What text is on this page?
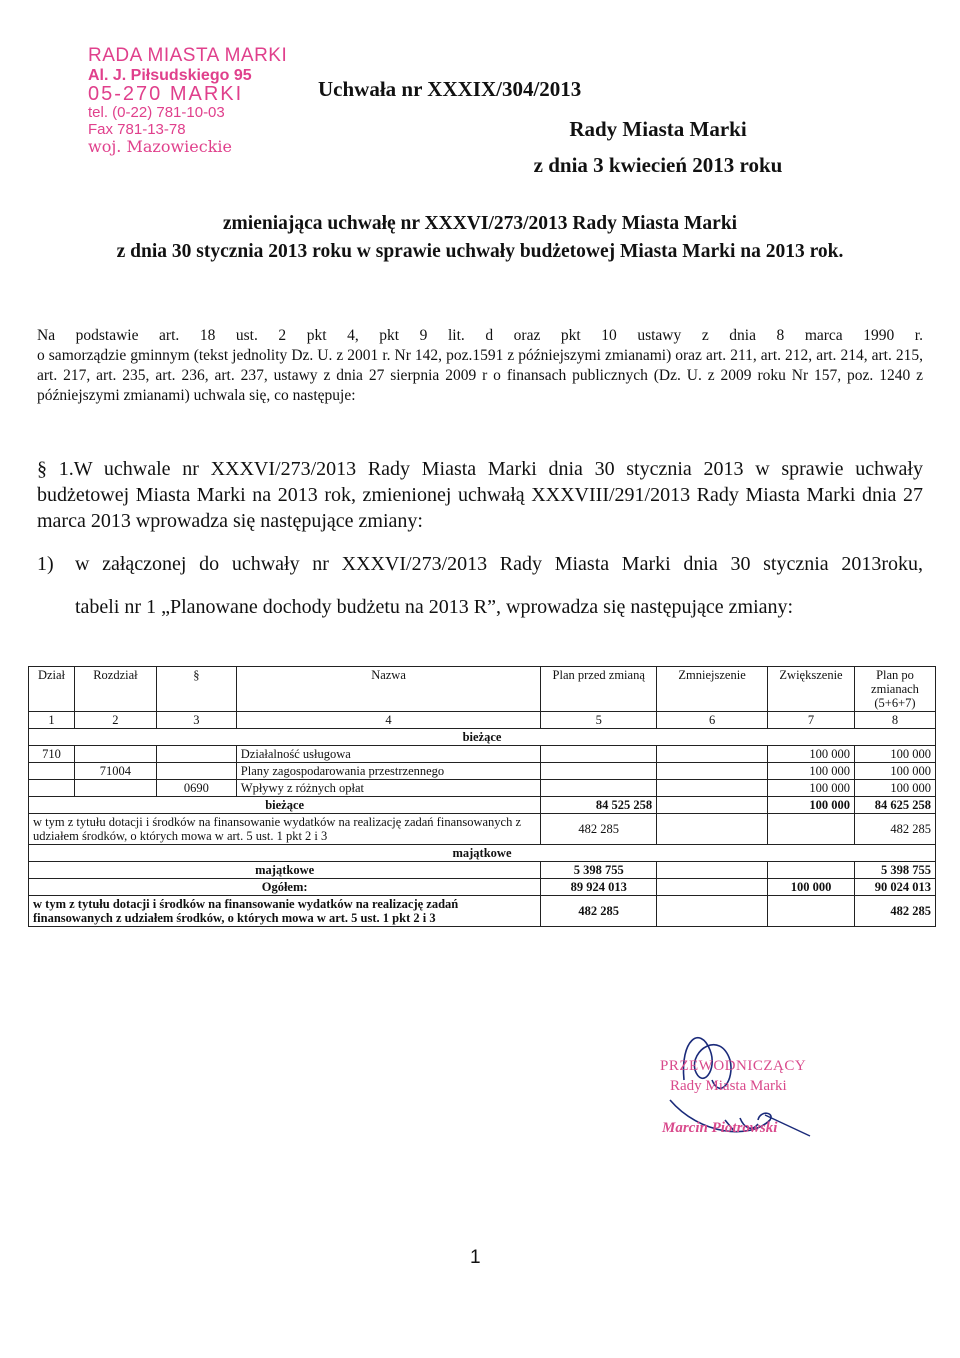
RADA MIASTA MARKI
Al. J. Piłsudskiego 95
05-270 MARKI
tel. (0-22) 781-10-03
Fax 781-13-78
woj. Mazowieckie
Uchwała nr XXXIX/304/2013
Rady Miasta Marki
z dnia 3 kwiecień 2013 roku
zmieniająca uchwałę nr XXXVI/273/2013 Rady Miasta Marki
z dnia 30 stycznia 2013 roku w sprawie uchwały budżetowej Miasta Marki na 2013 rok.
Na podstawie art. 18 ust. 2 pkt 4, pkt 9 lit. d oraz pkt 10 ustawy z dnia 8 marca 1990 r.
o samorządzie gminnym (tekst jednolity Dz. U. z 2001 r. Nr 142, poz.1591 z późniejszymi zmianami) oraz art. 211, art. 212, art. 214, art. 215, art. 217, art. 235, art. 236, art. 237, ustawy z dnia 27 sierpnia 2009 r o finansach publicznych (Dz. U. z 2009 roku Nr 157, poz. 1240 z późniejszymi zmianami) uchwala się, co następuje:
§ 1.W uchwale nr XXXVI/273/2013 Rady Miasta Marki dnia 30 stycznia 2013 w sprawie uchwały
budżetowej Miasta Marki na 2013 rok, zmienionej uchwałą XXXVIII/291/2013 Rady Miasta Marki dnia 27 marca 2013 wprowadza się następujące zmiany:
1)	w załączonej do uchwały nr XXXVI/273/2013 Rady Miasta Marki dnia 30 stycznia 2013roku,
tabeli nr 1 „Planowane dochody budżetu na 2013 R”, wprowadza się następujące zmiany:
Dział	Rozdział	§	Nazwa	Plan przed zmianą	Zmniejszenie	Zwiększenie	Plan po zmianach (5+6+7)
1	2	3	4	5	6	7	8
bieżące							
710			Działalność usługowa			100 000	100 000
	71004		Plany zagospodarowania przestrzennego			100 000	100 000
		0690	Wpływy z różnych opłat			100 000	100 000
bieżące				84 525 258		100 000	84 625 258
w tym z tytułu dotacji i środków na finansowanie wydatków na realizację zadań finansowanych z udziałem środków, o których mowa w art. 5 ust. 1 pkt 2 i 3				482 285			482 285
majątkowe							
majątkowe				5 398 755			5 398 755
Ogółem:				89 924 013		100 000	90 024 013
w tym z tytułu dotacji i środków na finansowanie wydatków na realizację zadań finansowanych z udziałem środków, o których mowa w art. 5 ust. 1 pkt 2 i 3				482 285			482 285
PRZEWODNICZĄCY
Rady Miasta Marki
Marcin Piotrowski
1
